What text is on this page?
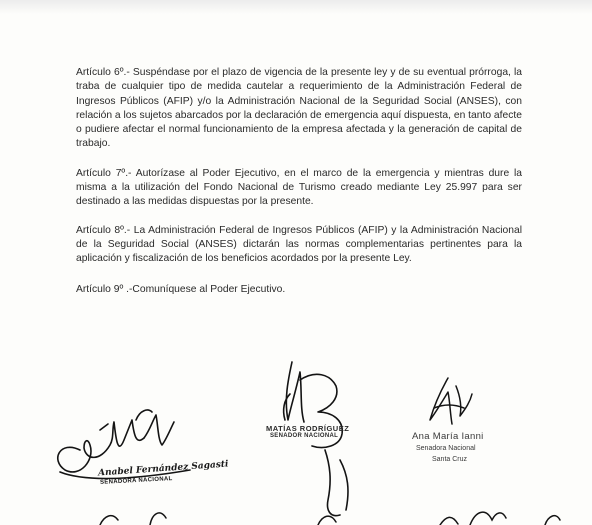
Artículo 6º.- Suspéndase por el plazo de vigencia de la presente ley y de su eventual prórroga, la traba de cualquier tipo de medida cautelar a requerimiento de la Administración Federal de Ingresos Públicos (AFIP) y/o la Administración Nacional de la Seguridad Social (ANSES), con relación a los sujetos abarcados por la declaración de emergencia aquí dispuesta, en tanto afecte o pudiere afectar el normal funcionamiento de la empresa afectada y la generación de capital de trabajo.

Artículo 7º.- Autorízase al Poder Ejecutivo, en el marco de la emergencia y mientras dure la misma a la utilización del Fondo Nacional de Turismo creado mediante Ley 25.997 para ser destinado a las medidas dispuestas por la presente.

Artículo 8º.- La Administración Federal de Ingresos Públicos (AFIP) y la Administración Nacional de la Seguridad Social (ANSES) dictarán las normas complementarias pertinentes para la aplicación y fiscalización de los beneficios acordados por la presente Ley.

Artículo 9º .-Comuníquese al Poder Ejecutivo.

Anabel Fernández Sagasti
SENADORA NACIONAL
MATÍAS RODRÍGUEZ
SENADOR NACIONAL	Ana María Ianni
Senadora Nacional
Santa Cruz
